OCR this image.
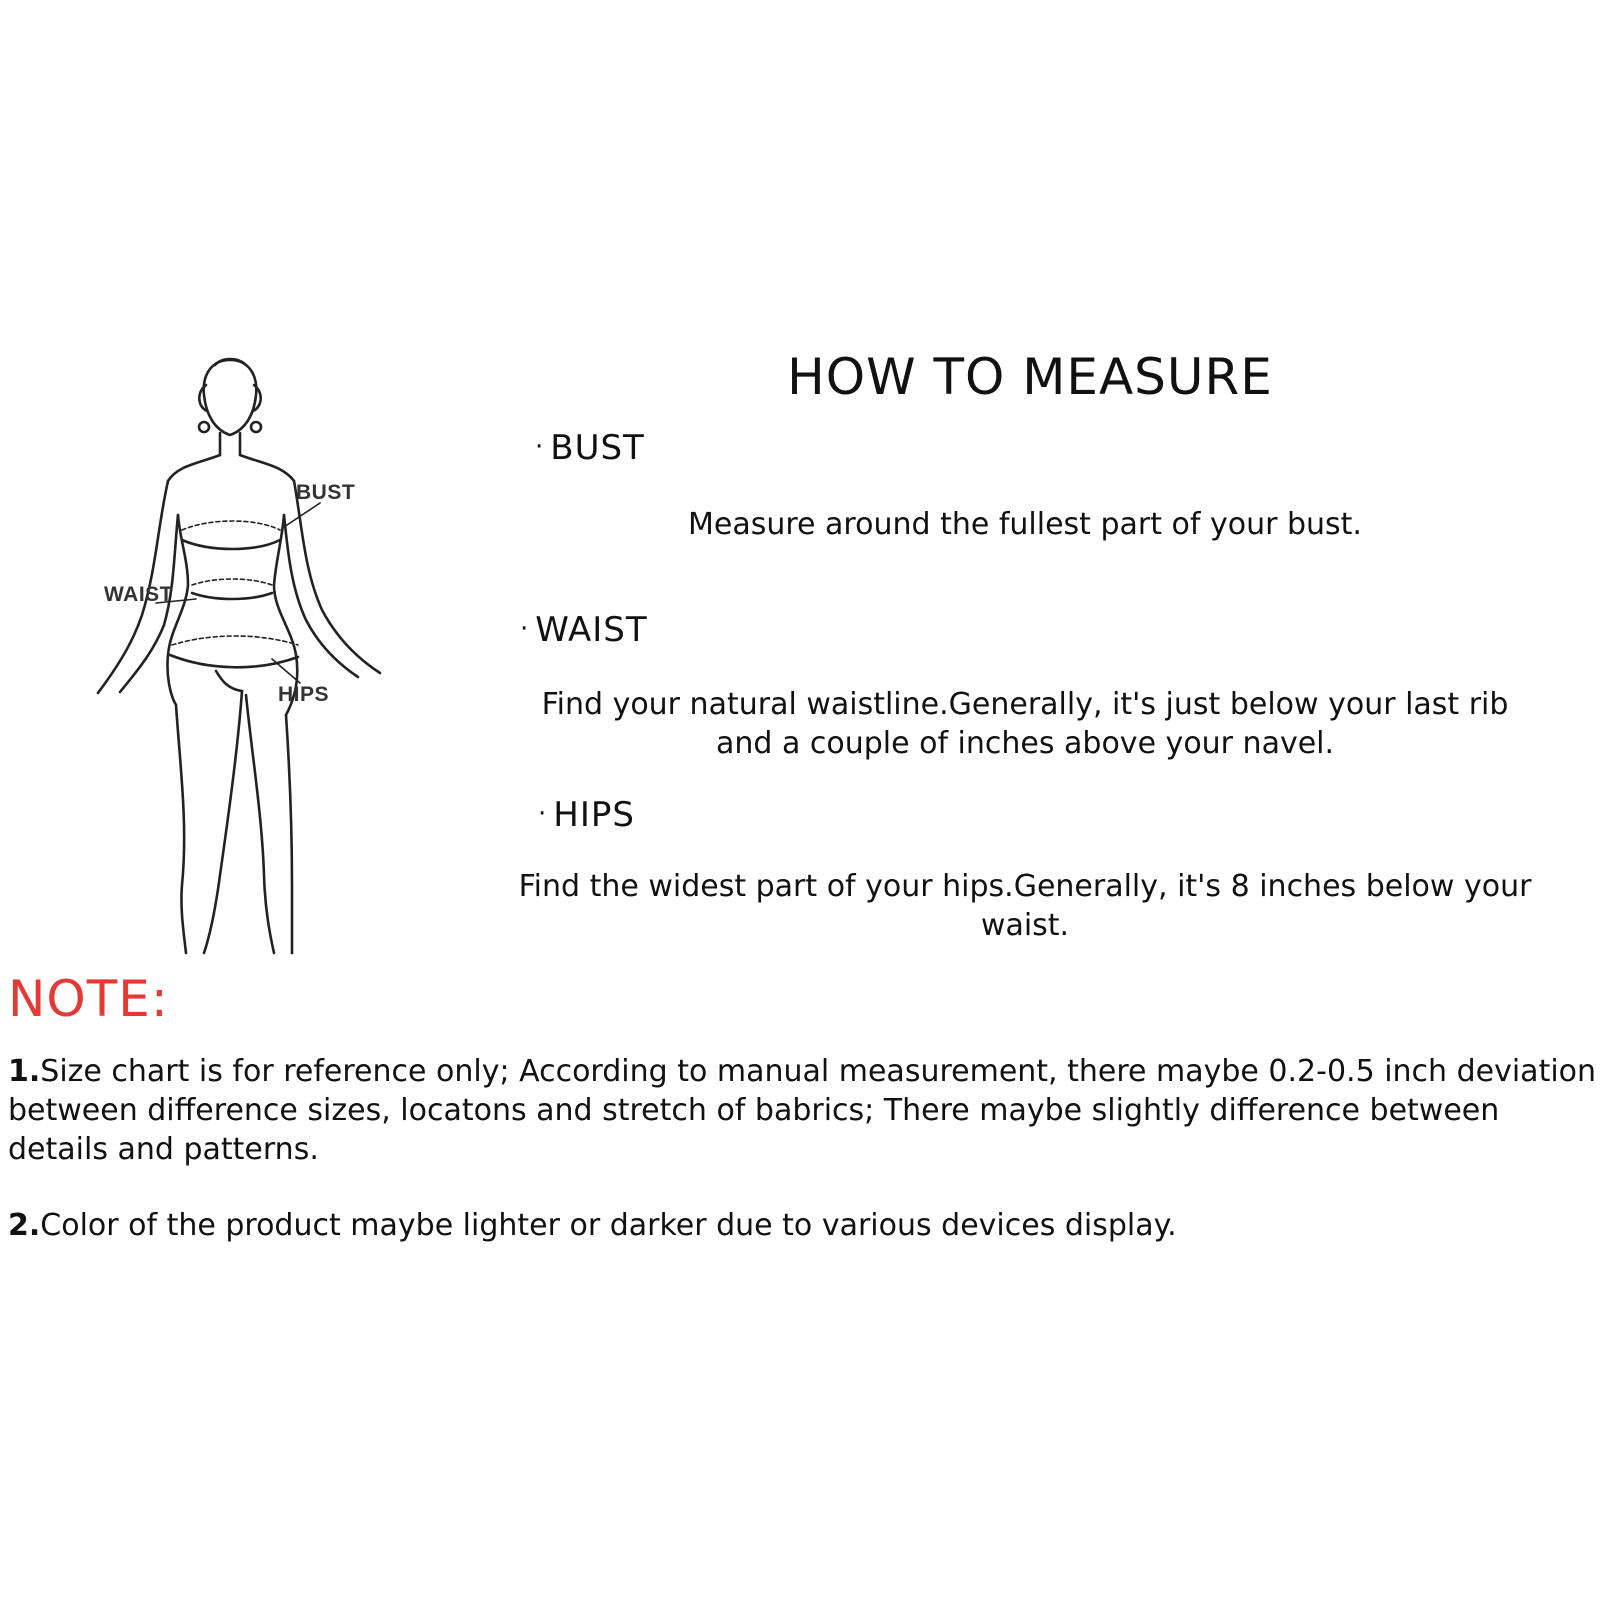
BUST
WAIST
HIPS
HOW TO MEASURE
· BUST
Measure around the fullest part of your bust.
· WAIST
Find your natural waistline.Generally, it's just below your last rib and a couple of inches above your navel.
· HIPS
Find the widest part of your hips.Generally, it's 8 inches below your waist.
NOTE:
1.Size chart is for reference only; According to manual measurement, there maybe 0.2-0.5 inch deviation between difference sizes, locatons and stretch of babrics; There maybe slightly difference between details and patterns.
2.Color of the product maybe lighter or darker due to various devices display.
